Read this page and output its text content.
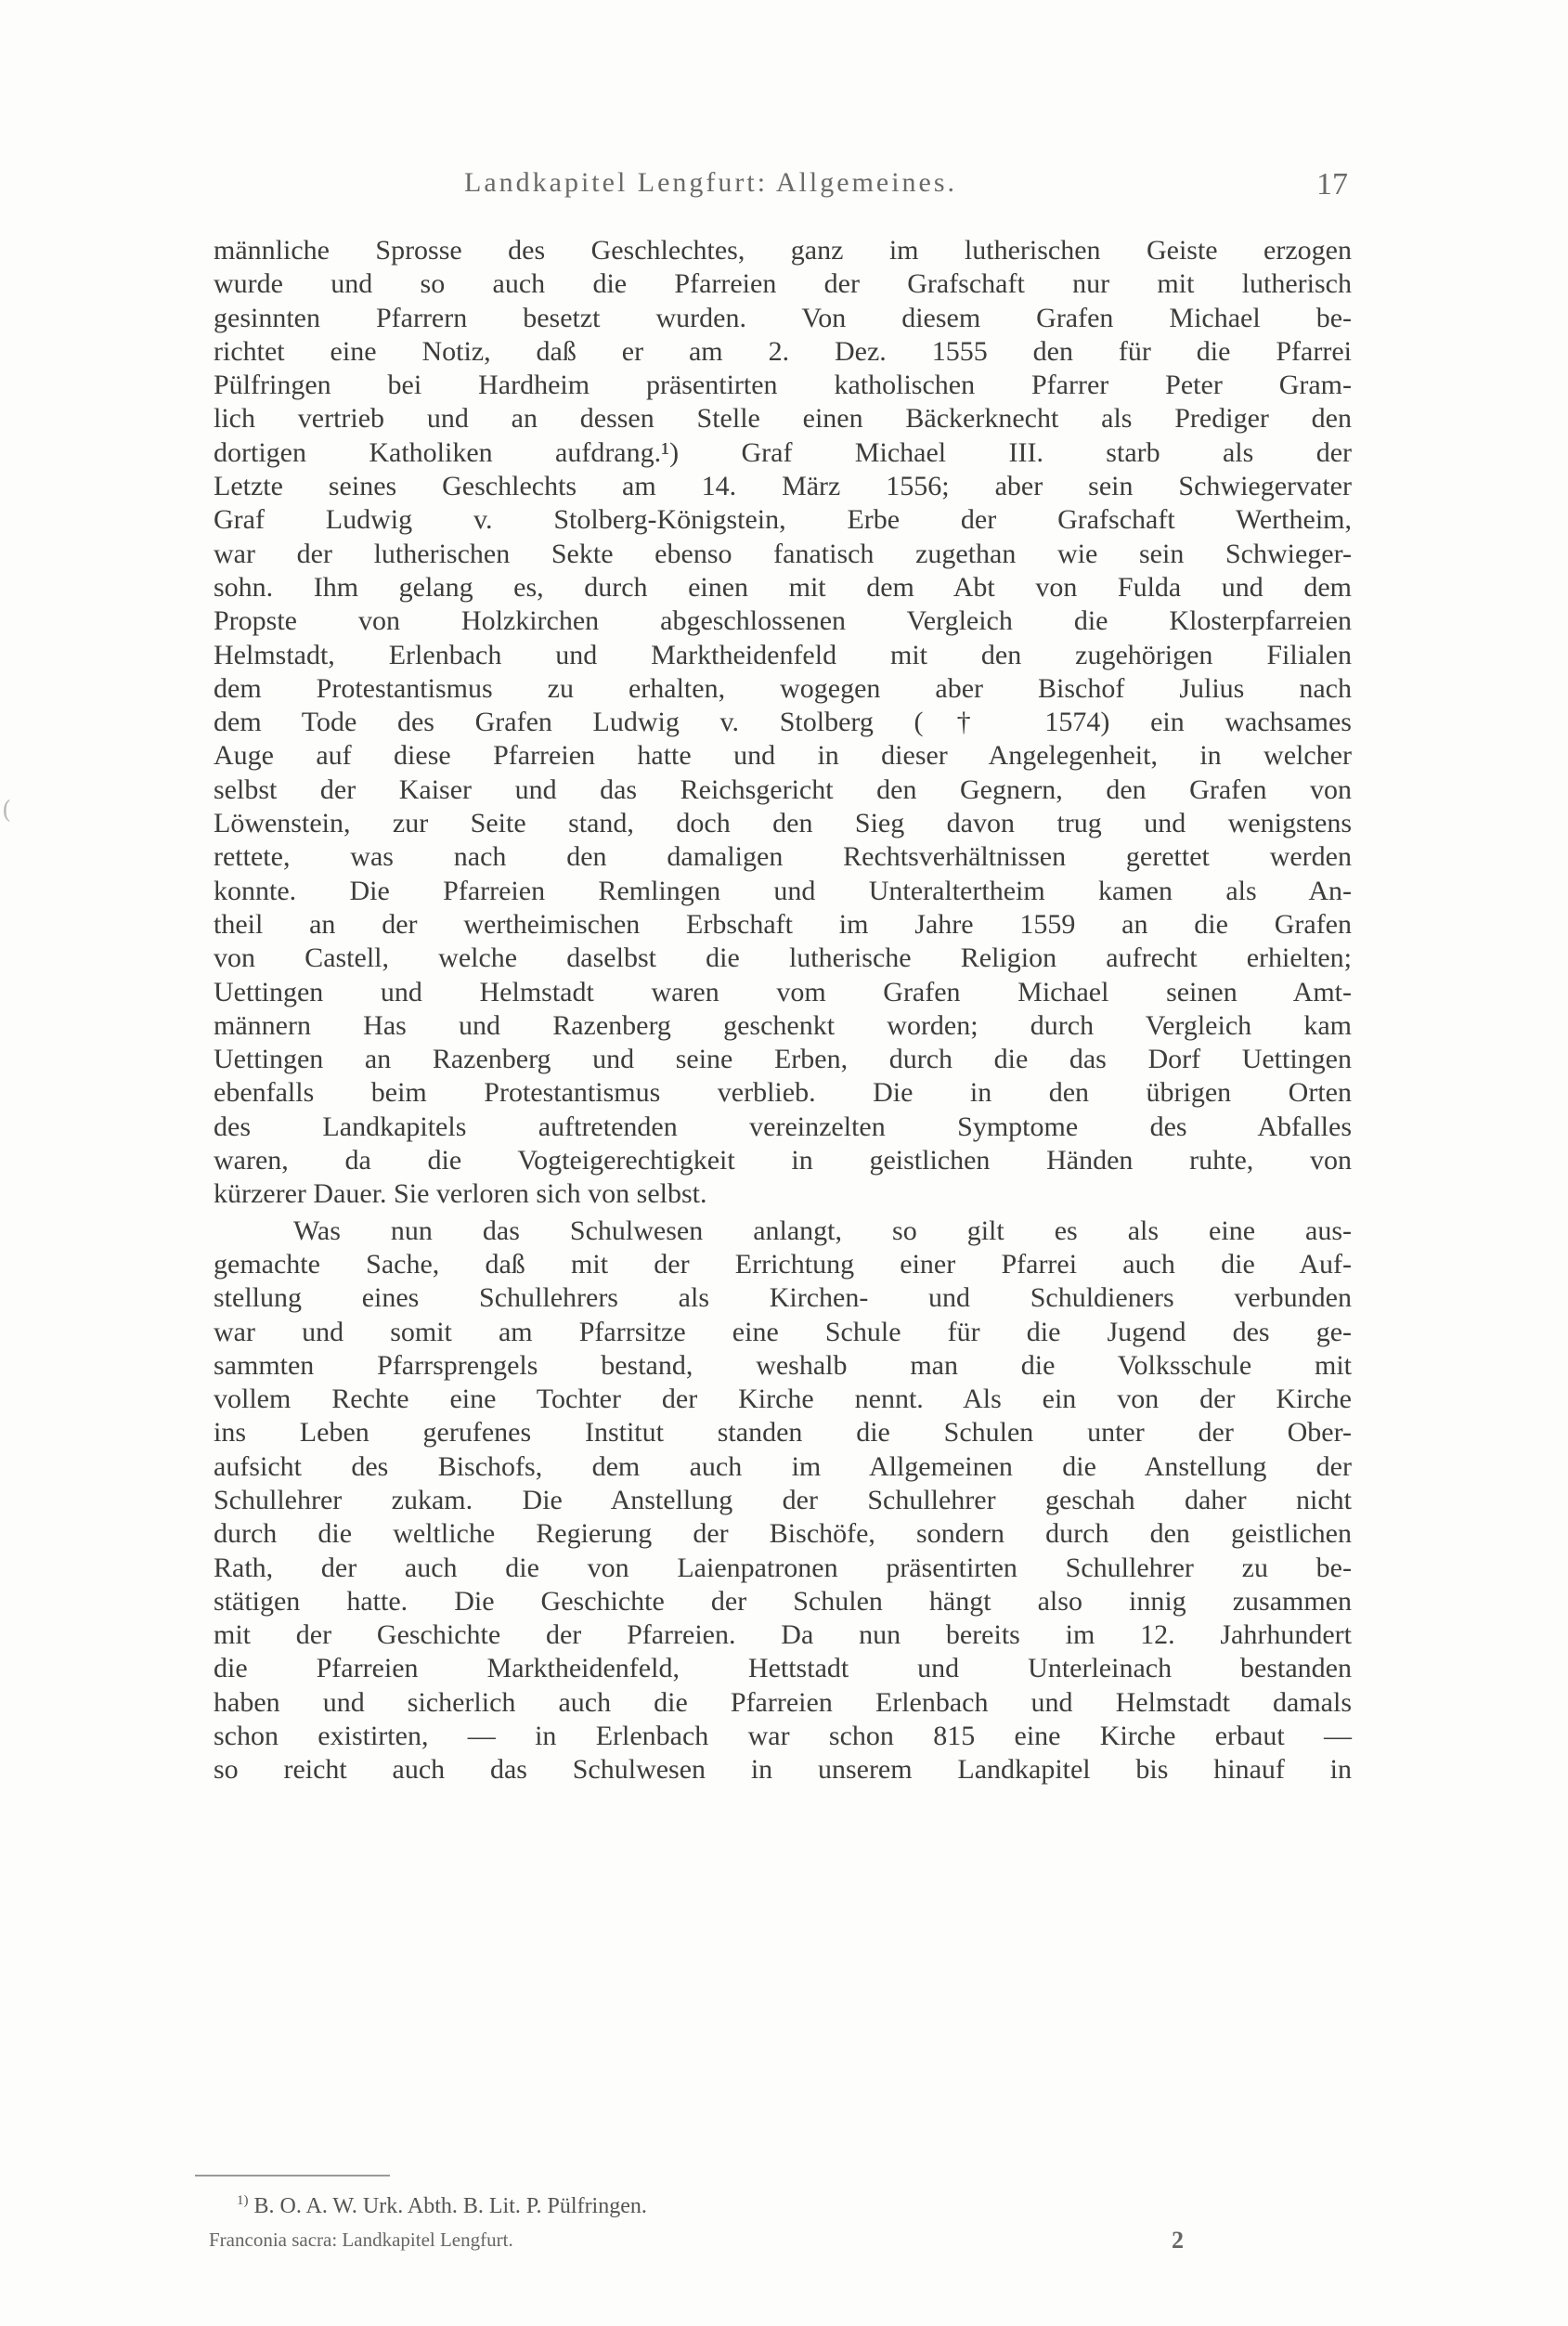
Landkapitel Lengfurt: Allgemeines.	17
(
männliche Sprosse des Geschlechtes, ganz im lutherischen Geiste erzogen
wurde und so auch die Pfarreien der Grafschaft nur mit lutherisch
gesinnten Pfarrern besetzt wurden. Von diesem Grafen Michael be-
richtet eine Notiz, daß er am 2. Dez. 1555 den für die Pfarrei
Pülfringen bei Hardheim präsentirten katholischen Pfarrer Peter Gram-
lich vertrieb und an dessen Stelle einen Bäckerknecht als Prediger den
dortigen Katholiken aufdrang.¹) Graf Michael III. starb als der
Letzte seines Geschlechts am 14. März 1556; aber sein Schwiegervater
Graf Ludwig v. Stolberg-Königstein, Erbe der Grafschaft Wertheim,
war der lutherischen Sekte ebenso fanatisch zugethan wie sein Schwieger-
sohn. Ihm gelang es, durch einen mit dem Abt von Fulda und dem
Propste von Holzkirchen abgeschlossenen Vergleich die Klosterpfarreien
Helmstadt, Erlenbach und Marktheidenfeld mit den zugehörigen Filialen
dem Protestantismus zu erhalten, wogegen aber Bischof Julius nach
dem Tode des Grafen Ludwig v. Stolberg († 1574) ein wachsames
Auge auf diese Pfarreien hatte und in dieser Angelegenheit, in welcher
selbst der Kaiser und das Reichsgericht den Gegnern, den Grafen von
Löwenstein, zur Seite stand, doch den Sieg davon trug und wenigstens
rettete, was nach den damaligen Rechtsverhältnissen gerettet werden
konnte. Die Pfarreien Remlingen und Unteraltertheim kamen als An-
theil an der wertheimischen Erbschaft im Jahre 1559 an die Grafen
von Castell, welche daselbst die lutherische Religion aufrecht erhielten;
Uettingen und Helmstadt waren vom Grafen Michael seinen Amt-
männern Has und Razenberg geschenkt worden; durch Vergleich kam
Uettingen an Razenberg und seine Erben, durch die das Dorf Uettingen
ebenfalls beim Protestantismus verblieb. Die in den übrigen Orten
des Landkapitels auftretenden vereinzelten Symptome des Abfalles
waren, da die Vogteigerechtigkeit in geistlichen Händen ruhte, von
kürzerer Dauer. Sie verloren sich von selbst.
Was nun das Schulwesen anlangt, so gilt es als eine aus-
gemachte Sache, daß mit der Errichtung einer Pfarrei auch die Auf-
stellung eines Schullehrers als Kirchen- und Schuldieners verbunden
war und somit am Pfarrsitze eine Schule für die Jugend des ge-
sammten Pfarrsprengels bestand, weshalb man die Volksschule mit
vollem Rechte eine Tochter der Kirche nennt. Als ein von der Kirche
ins Leben gerufenes Institut standen die Schulen unter der Ober-
aufsicht des Bischofs, dem auch im Allgemeinen die Anstellung der
Schullehrer zukam. Die Anstellung der Schullehrer geschah daher nicht
durch die weltliche Regierung der Bischöfe, sondern durch den geistlichen
Rath, der auch die von Laienpatronen präsentirten Schullehrer zu be-
stätigen hatte. Die Geschichte der Schulen hängt also innig zusammen
mit der Geschichte der Pfarreien. Da nun bereits im 12. Jahrhundert
die Pfarreien Marktheidenfeld, Hettstadt und Unterleinach bestanden
haben und sicherlich auch die Pfarreien Erlenbach und Helmstadt damals
schon existirten, — in Erlenbach war schon 815 eine Kirche erbaut —
so reicht auch das Schulwesen in unserem Landkapitel bis hinauf in
$^{1)}$ B. O. A. W. Urk. Abth. B. Lit. P. Pülfringen.
Franconia sacra: Landkapitel Lengfurt.	2
